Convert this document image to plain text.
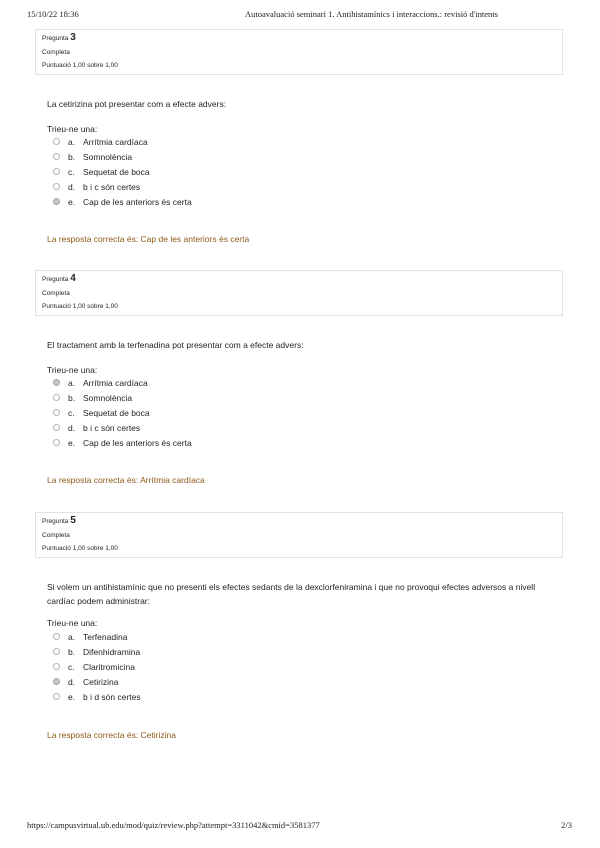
15/10/22 18:36	Autoavaluació seminari 1. Antihistamínics i interaccions.: revisió d'intents
Pregunta 3
Completa
Puntuació 1,00 sobre 1,00
La cetirizina pot presentar com a efecte advers:
Trieu-ne una:
a. Arrítmia cardíaca
b. Somnolència
c. Sequetat de boca
d. b i c són certes
e. Cap de les anteriors és certa
La resposta correcta és: Cap de les anteriors és certa
Pregunta 4
Completa
Puntuació 1,00 sobre 1,00
El tractament amb la terfenadina pot presentar com a efecte advers:
Trieu-ne una:
a. Arrítmia cardíaca
b. Somnolència
c. Sequetat de boca
d. b i c són certes
e. Cap de les anteriors és certa
La resposta correcta és: Arrítmia cardíaca
Pregunta 5
Completa
Puntuació 1,00 sobre 1,00
Si volem un antihistamínic que no presenti els efectes sedants de la dexclorfeniramina i que no provoqui efectes adversos a nivell cardíac podem administrar:
Trieu-ne una:
a. Terfenadina
b. Difenhidramina
c. Claritromicina
d. Cetirizina
e. b i d són certes
La resposta correcta és: Cetirizina
https://campusvirtual.ub.edu/mod/quiz/review.php?attempt=3311042&cmid=3581377	2/3
